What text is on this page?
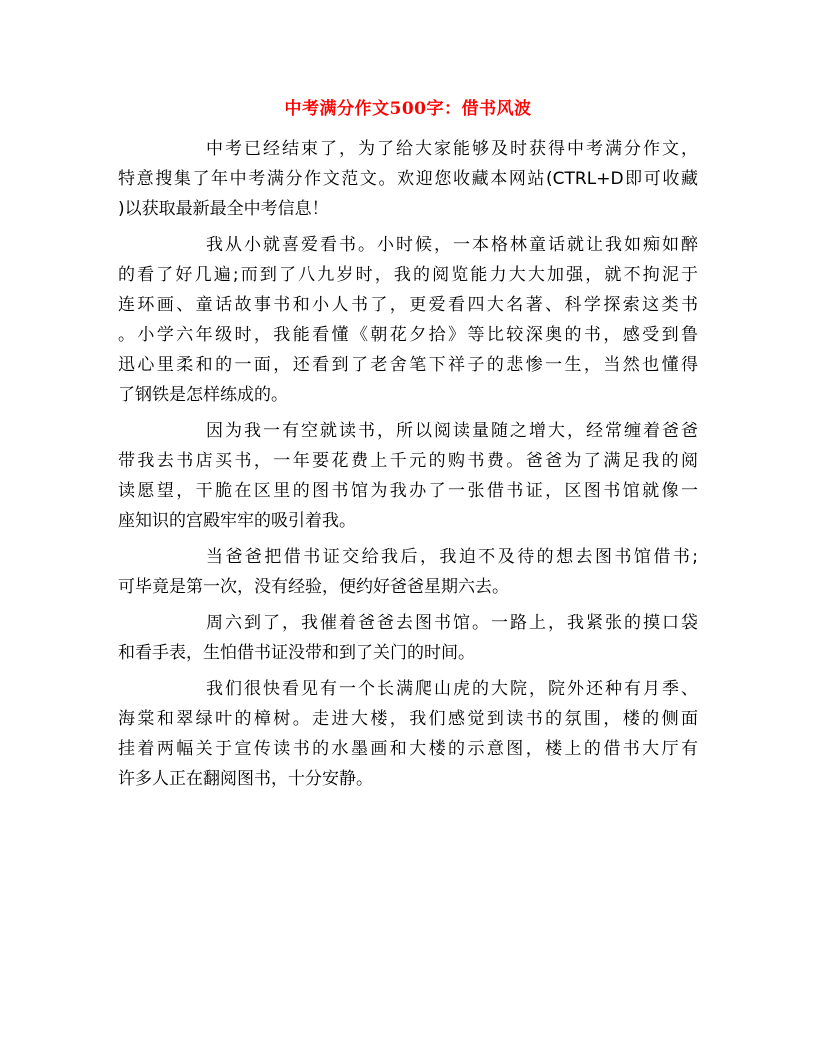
中考满分作文500字：借书风波
中考已经结束了，为了给大家能够及时获得中考满分作文，
特意搜集了年中考满分作文范文。欢迎您收藏本网站(CTRL+D即可收藏
)以获取最新最全中考信息！
我从小就喜爱看书。小时候，一本格林童话就让我如痴如醉
的看了好几遍;而到了八九岁时，我的阅览能力大大加强，就不拘泥于
连环画、童话故事书和小人书了，更爱看四大名著、科学探索这类书
。小学六年级时，我能看懂《朝花夕拾》等比较深奥的书，感受到鲁
迅心里柔和的一面，还看到了老舍笔下祥子的悲惨一生，当然也懂得
了钢铁是怎样练成的。
因为我一有空就读书，所以阅读量随之增大，经常缠着爸爸
带我去书店买书，一年要花费上千元的购书费。爸爸为了满足我的阅
读愿望，干脆在区里的图书馆为我办了一张借书证，区图书馆就像一
座知识的宫殿牢牢的吸引着我。
当爸爸把借书证交给我后，我迫不及待的想去图书馆借书;
可毕竟是第一次，没有经验，便约好爸爸星期六去。
周六到了，我催着爸爸去图书馆。一路上，我紧张的摸口袋
和看手表，生怕借书证没带和到了关门的时间。
我们很快看见有一个长满爬山虎的大院，院外还种有月季、
海棠和翠绿叶的樟树。走进大楼，我们感觉到读书的氛围，楼的侧面
挂着两幅关于宣传读书的水墨画和大楼的示意图，楼上的借书大厅有
许多人正在翻阅图书，十分安静。
